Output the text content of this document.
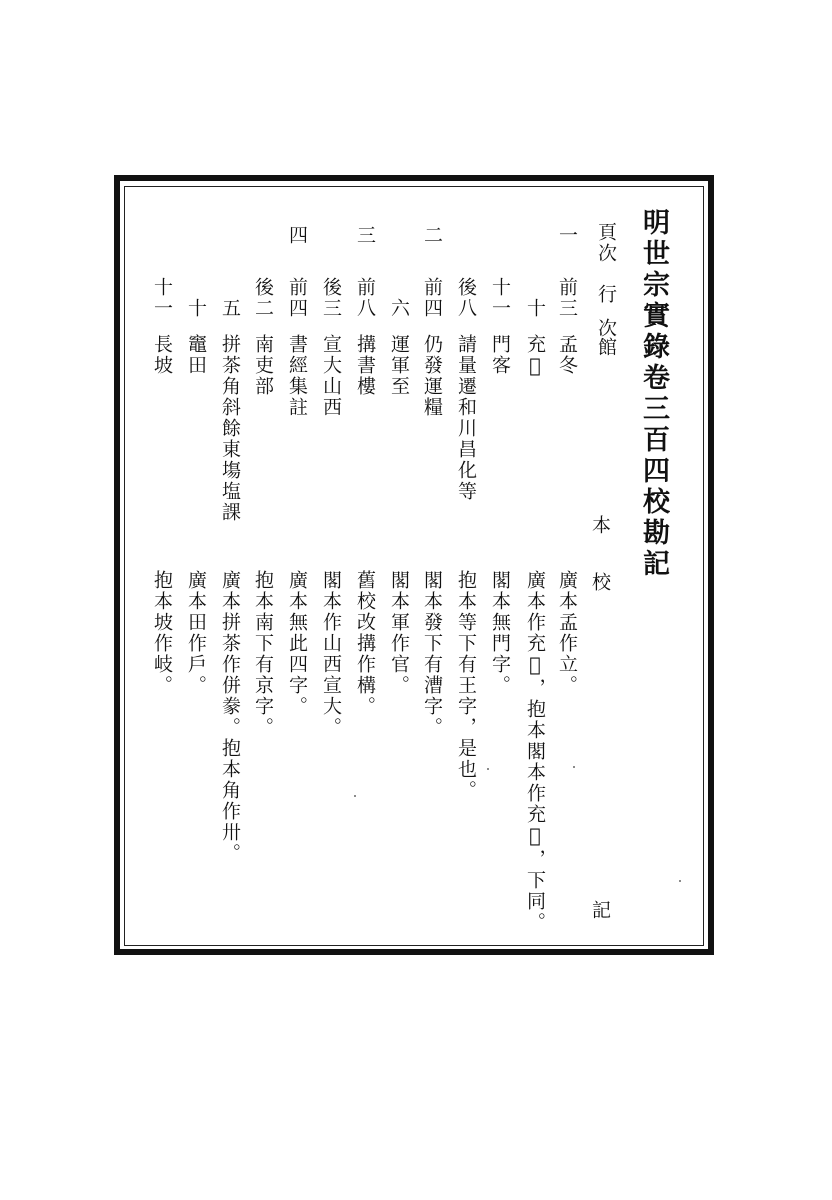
明世宗實錄卷三百四校勘記
頁次
行
次
館
本
校
記
一
前三
孟冬
廣本孟作立。
十
充𦗲
廣本作充𦗲，抱本閣本作充𦗲，下同。
十一
門客
閣本無門字。
後八
請量遷和川昌化等
抱本等下有王字，是也。
二
前四
仍發運糧
閣本發下有漕字。
六
運軍至
閣本軍作官。
三
前八
搆書樓
舊校改搆作構。
後三
宣大山西
閣本作山西宣大。
四
前四
書經集註
廣本無此四字。
後二
南吏部
抱本南下有京字。
五
拼茶角斜餘東塲塩課
廣本拼茶作併豢。抱本角作卅。
十
竈田
廣本田作戶。
十一
長坡
抱本坡作岐。
